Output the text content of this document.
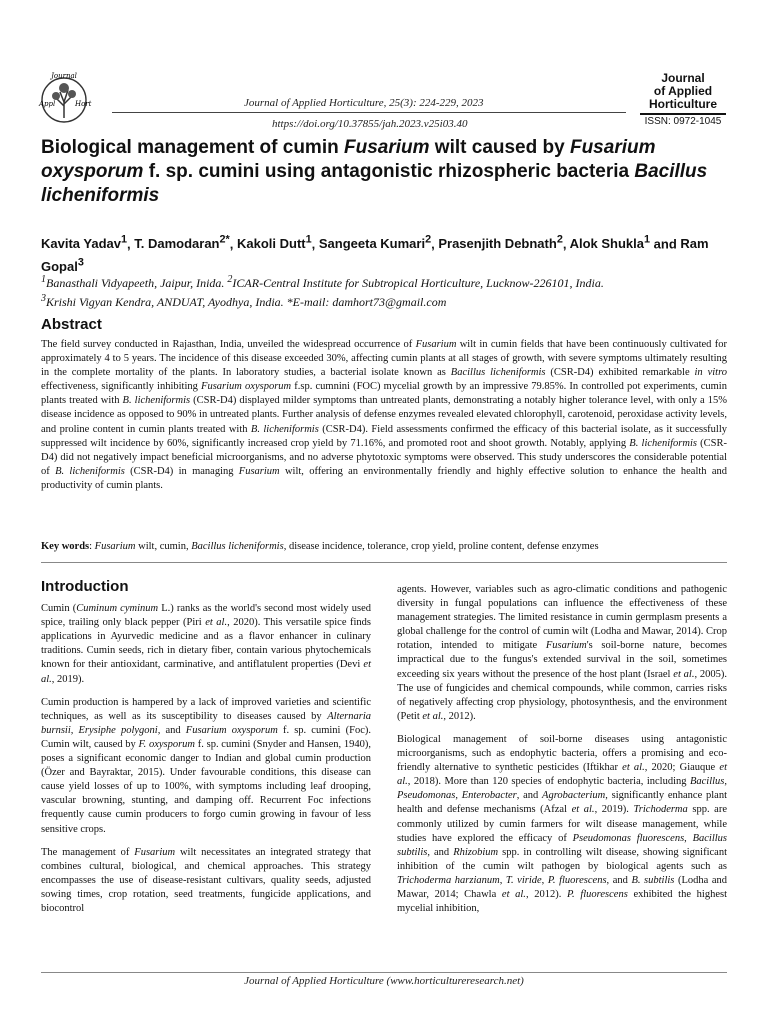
Journal
Appl	Hort	Journal of Applied Horticulture, 25(3): 224-229, 2023
https://doi.org/10.37855/jah.2023.v25i03.40
Journal
of Applied
Horticulture
ISSN: 0972-1045
Biological management of cumin Fusarium wilt caused by Fusarium oxysporum f. sp. cumini using antagonistic rhizospheric bacteria Bacillus licheniformis
Kavita Yadav$^1$, T. Damodaran$^{2*}$, Kakoli Dutt$^1$, Sangeeta Kumari$^2$, Prasenjith Debnath$^2$, Alok Shukla$^1$ and Ram Gopal$^3$
$^1$Banasthali Vidyapeeth, Jaipur, Inida. $^2$ICAR-Central Institute for Subtropical Horticulture, Lucknow-226101, India.
$^3$Krishi Vigyan Kendra, ANDUAT, Ayodhya, India. *E-mail: damhort73@gmail.com
Abstract
The field survey conducted in Rajasthan, India, unveiled the widespread occurrence of Fusarium wilt in cumin fields that have been continuously cultivated for approximately 4 to 5 years. The incidence of this disease exceeded 30%, affecting cumin plants at all stages of growth, with severe symptoms ultimately resulting in the complete mortality of the plants. In laboratory studies, a bacterial isolate known as Bacillus licheniformis (CSR-D4) exhibited remarkable in vitro effectiveness, significantly inhibiting Fusarium oxysporum f.sp. cumnini (FOC) mycelial growth by an impressive 79.85%. In controlled pot experiments, cumin plants treated with B. licheniformis (CSR-D4) displayed milder symptoms than untreated plants, demonstrating a notably higher tolerance level, with only a 15% disease incidence as opposed to 90% in untreated plants. Further analysis of defense enzymes revealed elevated chlorophyll, carotenoid, peroxidase activity levels, and proline content in cumin plants treated with B. licheniformis (CSR-D4). Field assessments confirmed the efficacy of this bacterial isolate, as it successfully suppressed wilt incidence by 60%, significantly increased crop yield by 71.16%, and promoted root and shoot growth. Notably, applying B. licheniformis (CSR-D4) did not negatively impact beneficial microorganisms, and no adverse phytotoxic symptoms were observed. This study underscores the considerable potential of B. licheniformis (CSR-D4) in managing Fusarium wilt, offering an environmentally friendly and highly effective solution to enhance the health and productivity of cumin plants.
Key words: Fusarium wilt, cumin, Bacillus licheniformis, disease incidence, tolerance, crop yield, proline content, defense enzymes
Introduction

Cumin (Cuminum cyminum L.) ranks as the world's second most widely used spice, trailing only black pepper (Piri et al., 2020). This versatile spice finds applications in Ayurvedic medicine and as a flavor enhancer in culinary traditions. Cumin seeds, rich in dietary fiber, contain various phytochemicals known for their antioxidant, carminative, and antiflatulent properties (Devi et al., 2019).

Cumin production is hampered by a lack of improved varieties and scientific techniques, as well as its susceptibility to diseases caused by Alternaria burnsii, Erysiphe polygoni, and Fusarium oxysporum f. sp. cumini (Foc). Cumin wilt, caused by F. oxysporum f. sp. cumini (Snyder and Hansen, 1940), poses a significant economic danger to Indian and global cumin production (Özer and Bayraktar, 2015). Under favourable conditions, this disease can cause yield losses of up to 100%, with symptoms including leaf drooping, vascular browning, stunting, and damping off. Recurrent Foc infections frequently cause cumin producers to forgo cumin growing in favour of less sensitive crops.

The management of Fusarium wilt necessitates an integrated strategy that combines cultural, biological, and chemical approaches. This strategy encompasses the use of disease-resistant cultivars, quality seeds, adjusted sowing times, crop rotation, seed treatments, fungicide applications, and biocontrol

agents. However, variables such as agro-climatic conditions and pathogenic diversity in fungal populations can influence the effectiveness of these management strategies. The limited resistance in cumin germplasm presents a global challenge for the control of cumin wilt (Lodha and Mawar, 2014). Crop rotation, intended to mitigate Fusarium's soil-borne nature, becomes impractical due to the fungus's extended survival in the soil, sometimes exceeding six years without the presence of the host plant (Israel et al., 2005). The use of fungicides and chemical compounds, while common, carries risks of negatively affecting crop physiology, photosynthesis, and the environment (Petit et al., 2012).

Biological management of soil-borne diseases using antagonistic microorganisms, such as endophytic bacteria, offers a promising and eco-friendly alternative to synthetic pesticides (Iftikhar et al., 2020; Giauque et al., 2018). More than 120 species of endophytic bacteria, including Bacillus, Pseudomonas, Enterobacter, and Agrobacterium, significantly enhance plant health and defense mechanisms (Afzal et al., 2019). Trichoderma spp. are commonly utilized by cumin farmers for wilt disease management, while studies have explored the efficacy of Pseudomonas fluorescens, Bacillus subtilis, and Rhizobium spp. in controlling wilt disease, showing significant inhibition of the cumin wilt pathogen by biological agents such as Trichoderma harzianum, T. viride, P. fluorescens, and B. subtilis (Lodha and Mawar, 2014; Chawla et al., 2012). P. fluorescens exhibited the highest mycelial inhibition,

Journal of Applied Horticulture (www.horticultureresearch.net)
